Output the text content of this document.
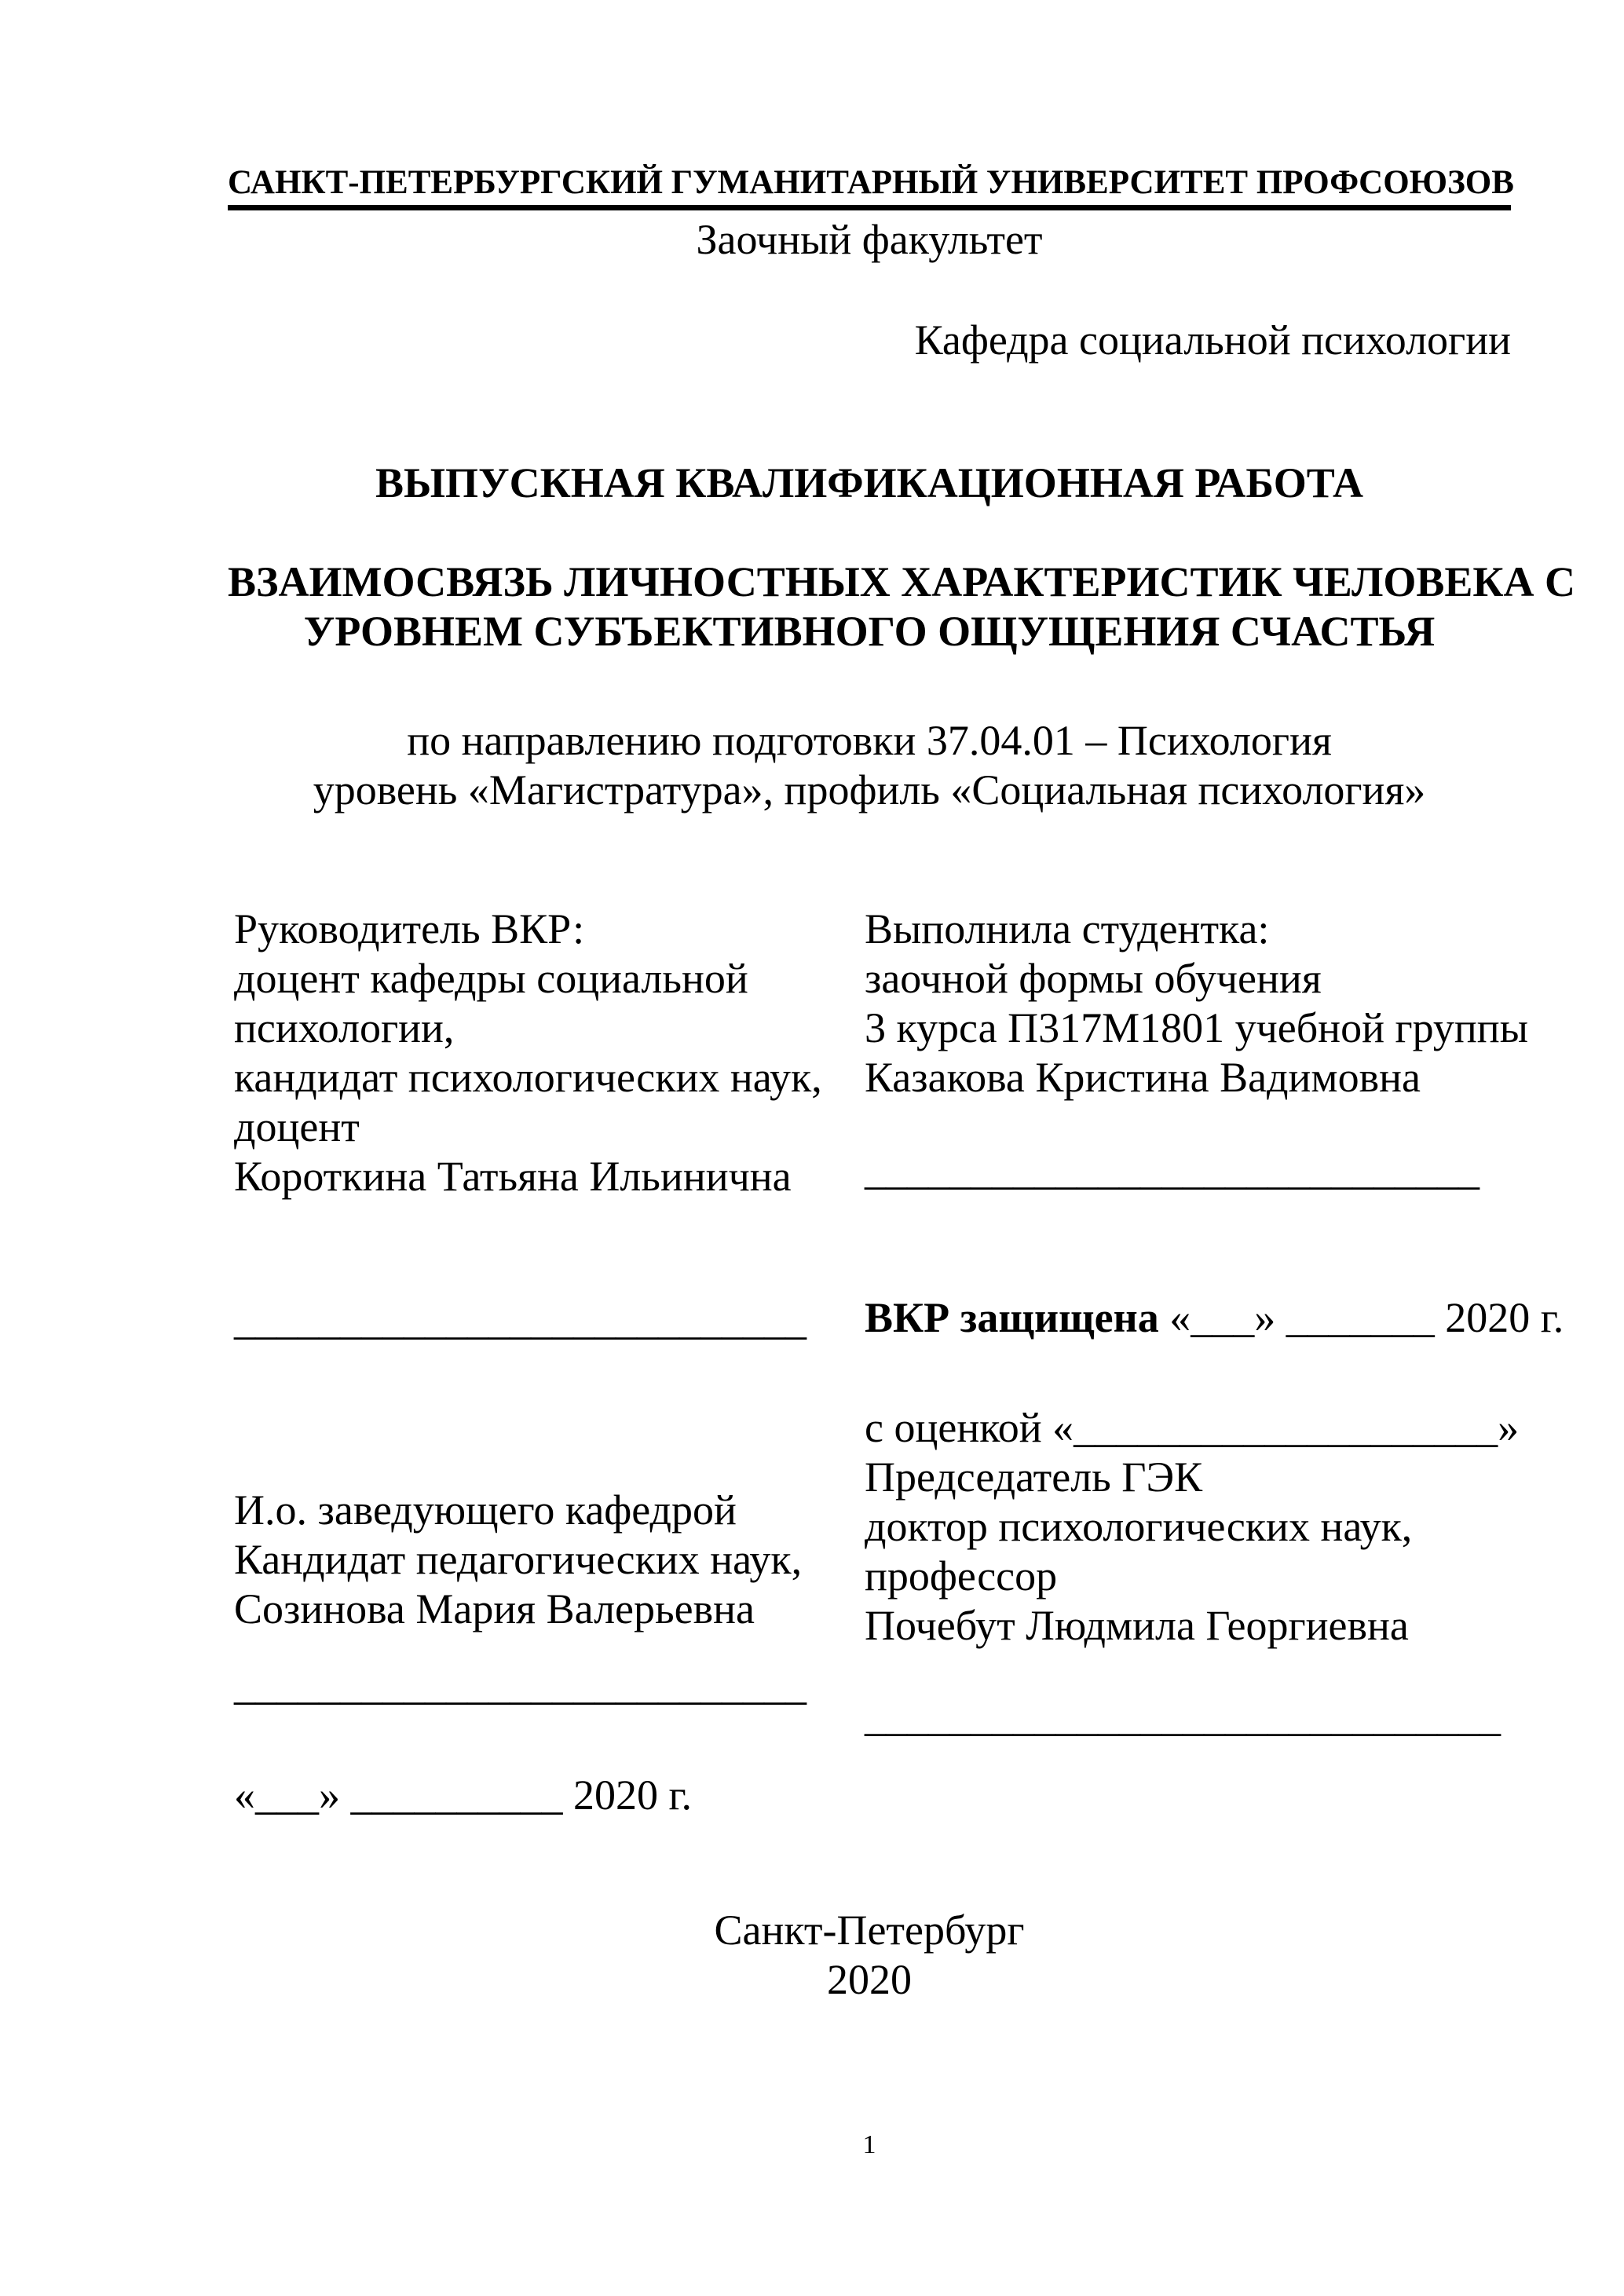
САНКТ-ПЕТЕРБУРГСКИЙ ГУМАНИТАРНЫЙ УНИВЕРСИТЕТ ПРОФСОЮЗОВ
Заочный факультет
Кафедра социальной психологии
ВЫПУСКНАЯ КВАЛИФИКАЦИОННАЯ РАБОТА
ВЗАИМОСВЯЗЬ ЛИЧНОСТНЫХ ХАРАКТЕРИСТИК ЧЕЛОВЕКА С
УРОВНЕМ СУБЪЕКТИВНОГО ОЩУЩЕНИЯ СЧАСТЬЯ
по направлению подготовки 37.04.01 – Психология
уровень «Магистратура», профиль «Социальная психология»
Руководитель ВКР:
доцент кафедры социальной
психологии,
кандидат психологических наук,
доцент
Короткина Татьяна Ильинична
Выполнила студентка:
заочной формы обучения
3 курса П317М1801 учебной группы
Казакова Кристина Вадимовна
_____________________________
___________________________ ВКР защищена «___» _______ 2020 г.
с оценкой «____________________»
Председатель ГЭК
доктор психологических наук,
профессор
Почебут Людмила Георгиевна
И.о. заведующего кафедрой
Кандидат педагогических наук,
Созинова Мария Валерьевна
___________________________
______________________________
«___» __________ 2020 г.
Санкт-Петербург
2020
1
